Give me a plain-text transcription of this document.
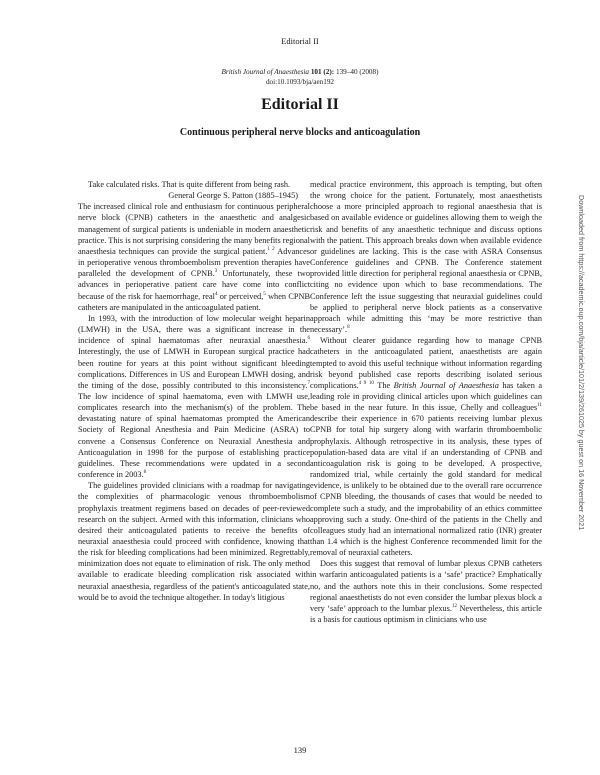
Editorial II
British Journal of Anaesthesia 101 (2): 139–40 (2008)
doi:10.1093/bja/aen192
Editorial II
Continuous peripheral nerve blocks and anticoagulation

Take calculated risks. That is quite different from being rash.

General George S. Patton (1885–1945)

The increased clinical role and enthusiasm for continuous peripheral nerve block (CPNB) catheters in the anaesthetic and analgesic management of surgical patients is undeniable in modern anaesthetic practice. This is not surprising considering the many benefits regional anaesthesia techniques can provide the surgical patient.$^{1 2}$ Advances in perioperative venous thromboembolism prevention therapies have paralleled the development of CPNB.$^3$ Unfortunately, these two advances in perioperative patient care have come into conflict because of the risk for haemorrhage, real$^4$ or perceived,$^5$ when CPNB catheters are manipulated in the anticoagulated patient.

In 1993, with the introduction of low molecular weight heparin (LMWH) in the USA, there was a significant increase in the incidence of spinal haematomas after neuraxial anaesthesia.$^6$ Interestingly, the use of LMWH in European surgical practice had been routine for years at this point without significant bleeding complications. Differences in US and European LMWH dosing, and the timing of the dose, possibly contributed to this inconsistency.$^7$ The low incidence of spinal haematoma, even with LMWH use, complicates research into the mechanism(s) of the problem. The devastating nature of spinal haematomas prompted the American Society of Regional Anesthesia and Pain Medicine (ASRA) to convene a Consensus Conference on Neuraxial Anesthesia and Anticoagulation in 1998 for the purpose of establishing practice guidelines. These recommendations were updated in a second conference in 2003.$^8$

The guidelines provided clinicians with a roadmap for navigating the complexities of pharmacologic venous thromboembolism prophylaxis treatment regimens based on decades of peer-reviewed research on the subject. Armed with this information, clinicians who desired their anticoagulated patients to receive the benefits of neuraxial anaesthesia could proceed with confidence, knowing that the risk for bleeding complications had been minimized. Regrettably, minimization does not equate to elimination of risk. The only method available to eradicate bleeding complication risk associated with neuraxial anaesthesia, regardless of the patient's anticoagulated state, would be to avoid the technique altogether. In today's litigious

medical practice environment, this approach is tempting, but often the wrong choice for the patient. Fortunately, most anaesthetists choose a more principled approach to regional anaesthesia that is based on available evidence or guidelines allowing them to weigh the risk and benefits of any anaesthetic technique and discuss options with the patient. This approach breaks down when available evidence or guidelines are lacking. This is the case with ASRA Consensus Conference guidelines and CPNB. The Conference statement provided little direction for peripheral regional anaesthesia or CPNB, citing no evidence upon which to base recommendations. The Conference left the issue suggesting that neuraxial guidelines could be applied to peripheral nerve block patients as a conservative approach while admitting this ‘may be more restrictive than necessary’.$^8$

Without clearer guidance regarding how to manage CPNB catheters in the anticoagulated patient, anaesthetists are again tempted to avoid this useful technique without information regarding risk beyond published case reports describing isolated serious complications.$^{4 9 10}$ The British Journal of Anaesthesia has taken a leading role in providing clinical articles upon which guidelines can be based in the near future. In this issue, Chelly and colleagues$^{11}$ describe their experience in 670 patients receiving lumbar plexus CPNB for total hip surgery along with warfarin thromboembolic prophylaxis. Although retrospective in its analysis, these types of population-based data are vital if an understanding of CPNB and anticoagulation risk is going to be developed. A prospective, randomized trial, while certainly the gold standard for medical evidence, is unlikely to be obtained due to the overall rare occurrence of CPNB bleeding, the thousands of cases that would be needed to complete such a study, and the improbability of an ethics committee approving such a study. One-third of the patients in the Chelly and colleagues study had an international normalized ratio (INR) greater than 1.4 which is the highest Conference recommended limit for the removal of neuraxial catheters.

Does this suggest that removal of lumbar plexus CPNB catheters in warfarin anticoagulated patients is a ‘safe’ practice? Emphatically no, and the authors note this in their conclusions. Some respected regional anaesthetists do not even consider the lumbar plexus block a very ‘safe’ approach to the lumbar plexus.$^{12}$ Nevertheless, this article is a basis for cautious optimism in clinicians who use

Downloaded from https://academic.oup.com/bja/article/101/2/139/261025 by guest on 16 November 2021
139
